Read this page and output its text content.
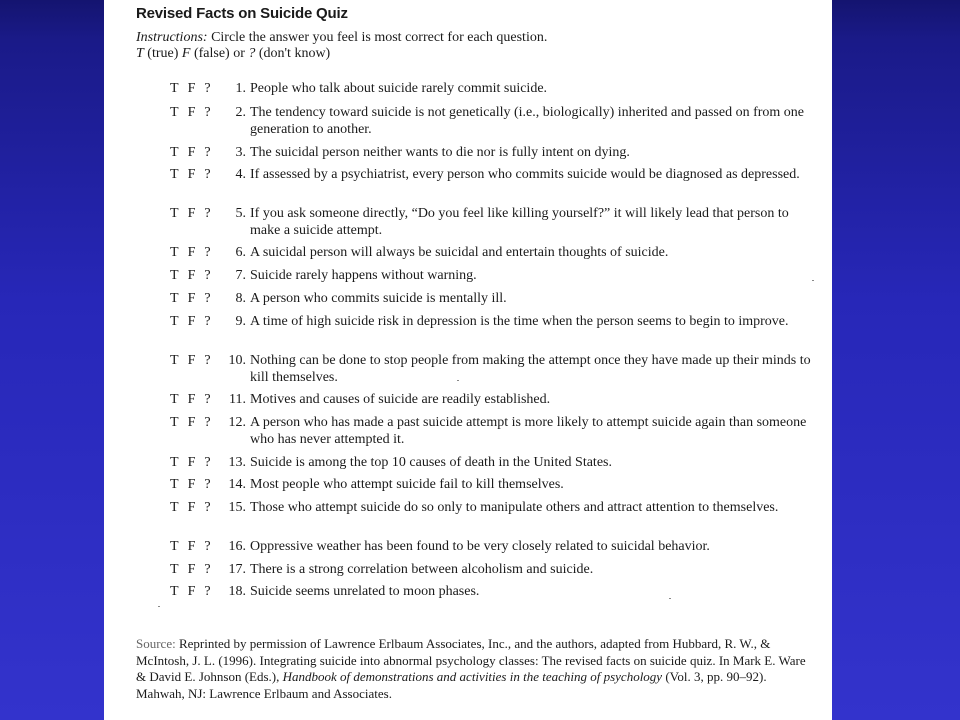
Revised Facts on Suicide Quiz
Instructions: Circle the answer you feel is most correct for each question.
T (true) F (false) or ? (don't know)
T F ?	1. People who talk about suicide rarely commit suicide.
T F ?	2. The tendency toward suicide is not genetically (i.e., biologically) inherited and passed on from one generation to another.
T F ?	3. The suicidal person neither wants to die nor is fully intent on dying.
T F ?	4. If assessed by a psychiatrist, every person who commits suicide would be diagnosed as depressed.
T F ?	5. If you ask someone directly, “Do you feel like killing yourself?” it will likely lead that person to make a suicide attempt.
T F ?	6. A suicidal person will always be suicidal and entertain thoughts of suicide.
T F ?	7. Suicide rarely happens without warning.
T F ?	8. A person who commits suicide is mentally ill.
T F ?	9. A time of high suicide risk in depression is the time when the person seems to begin to improve.
T F ?	10. Nothing can be done to stop people from making the attempt once they have made up their minds to kill themselves.
T F ?	11. Motives and causes of suicide are readily established.
T F ?	12. A person who has made a past suicide attempt is more likely to attempt suicide again than someone who has never attempted it.
T F ?	13. Suicide is among the top 10 causes of death in the United States.
T F ?	14. Most people who attempt suicide fail to kill themselves.
T F ?	15. Those who attempt suicide do so only to manipulate others and attract attention to themselves.
T F ?	16. Oppressive weather has been found to be very closely related to suicidal behavior.
T F ?	17. There is a strong correlation between alcoholism and suicide.
T F ?	18. Suicide seems unrelated to moon phases.
Source: Reprinted by permission of Lawrence Erlbaum Associates, Inc., and the authors, adapted from Hubbard, R. W., & McIntosh, J. L. (1996). Integrating suicide into abnormal psychology classes: The revised facts on suicide quiz. In Mark E. Ware & David E. Johnson (Eds.), Handbook of demonstrations and activities in the teaching of psychology (Vol. 3, pp. 90–92). Mahwah, NJ: Lawrence Erlbaum and Associates.
